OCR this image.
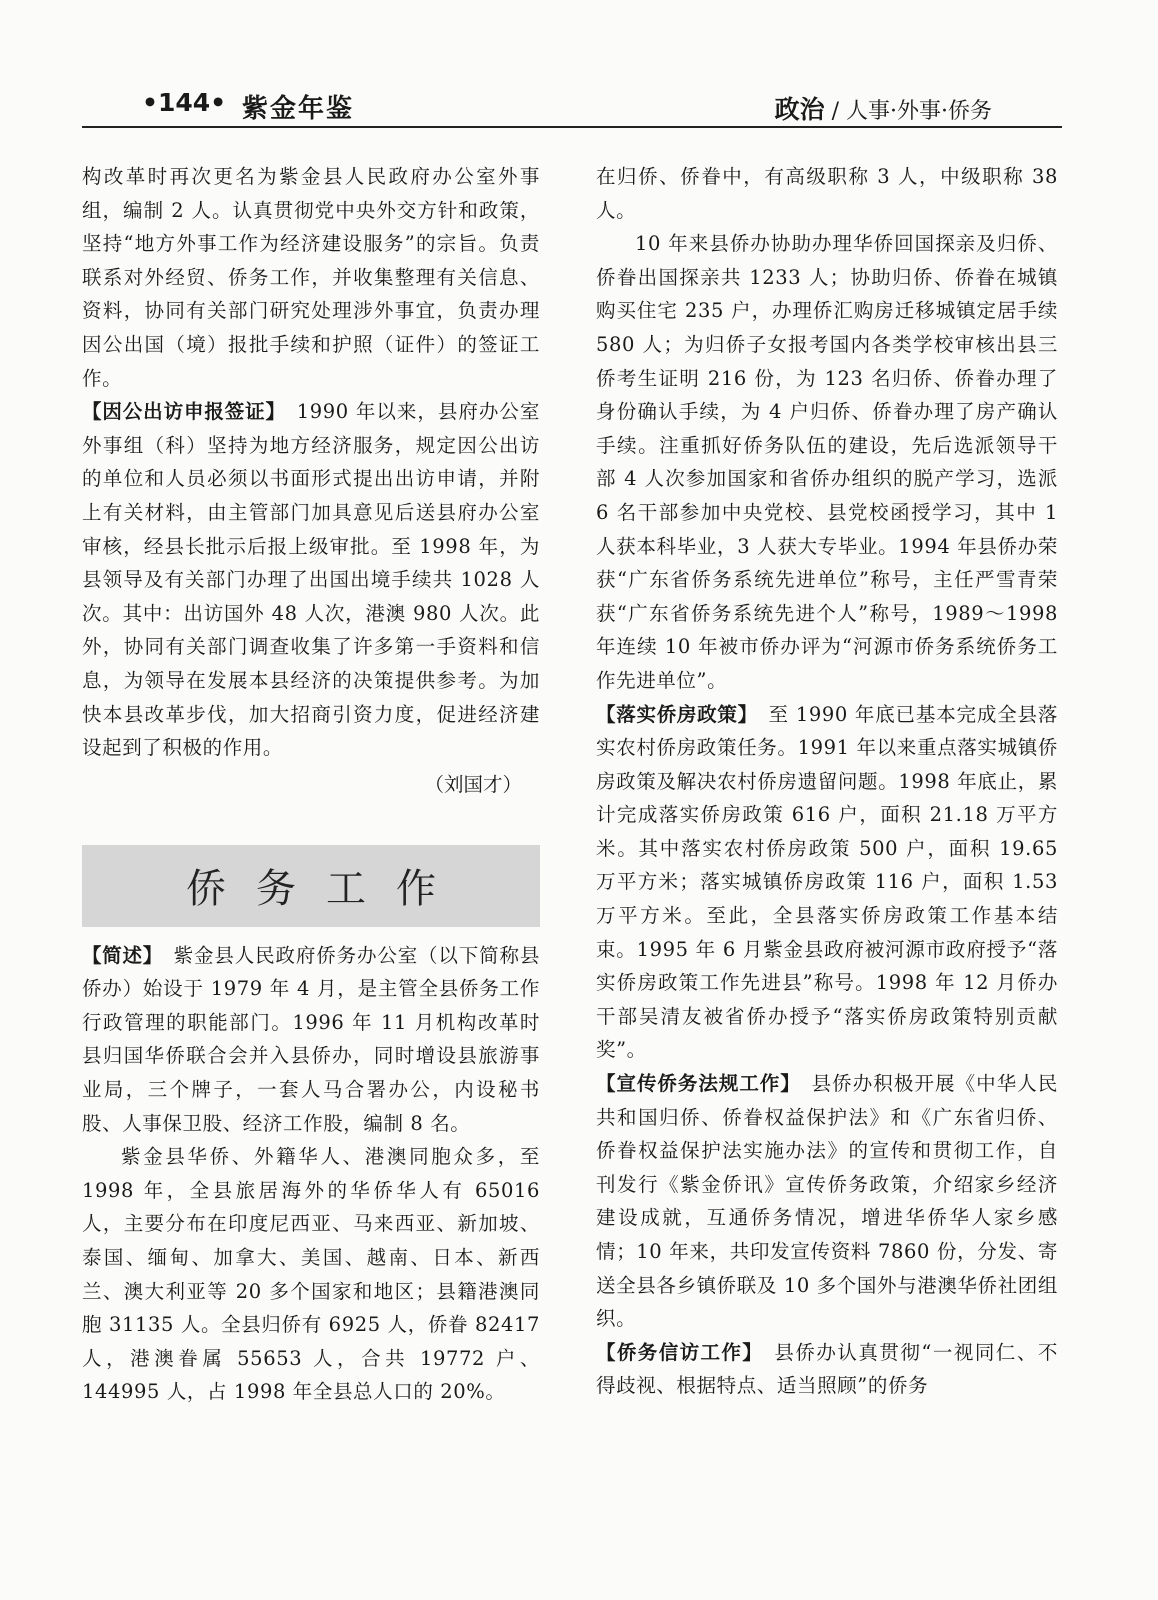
•144• 紫金年鉴	政治 / 人事·外事·侨务

构改革时再次更名为紫金县人民政府办公室外事组，编制 2 人。认真贯彻党中央外交方针和政策，坚持“地方外事工作为经济建设服务”的宗旨。负责联系对外经贸、侨务工作，并收集整理有关信息、资料，协同有关部门研究处理涉外事宜，负责办理因公出国（境）报批手续和护照（证件）的签证工作。

【因公出访申报签证】　1990 年以来，县府办公室外事组（科）坚持为地方经济服务，规定因公出访的单位和人员必须以书面形式提出出访申请，并附上有关材料，由主管部门加具意见后送县府办公室审核，经县长批示后报上级审批。至 1998 年，为县领导及有关部门办理了出国出境手续共 1028 人次。其中：出访国外 48 人次，港澳 980 人次。此外，协同有关部门调查收集了许多第一手资料和信息，为领导在发展本县经济的决策提供参考。为加快本县改革步伐，加大招商引资力度，促进经济建设起到了积极的作用。

（刘国才）
侨务工作

【简述】　紫金县人民政府侨务办公室（以下简称县侨办）始设于 1979 年 4 月，是主管全县侨务工作行政管理的职能部门。1996 年 11 月机构改革时县归国华侨联合会并入县侨办，同时增设县旅游事业局，三个牌子，一套人马合署办公，内设秘书股、人事保卫股、经济工作股，编制 8 名。

紫金县华侨、外籍华人、港澳同胞众多，至 1998 年，全县旅居海外的华侨华人有 65016 人，主要分布在印度尼西亚、马来西亚、新加坡、泰国、缅甸、加拿大、美国、越南、日本、新西兰、澳大利亚等 20 多个国家和地区；县籍港澳同胞 31135 人。全县归侨有 6925 人，侨眷 82417 人，港澳眷属 55653 人，合共 19772 户、144995 人，占 1998 年全县总人口的 20%。

在归侨、侨眷中，有高级职称 3 人，中级职称 38 人。

10 年来县侨办协助办理华侨回国探亲及归侨、侨眷出国探亲共 1233 人；协助归侨、侨眷在城镇购买住宅 235 户，办理侨汇购房迁移城镇定居手续 580 人；为归侨子女报考国内各类学校审核出县三侨考生证明 216 份，为 123 名归侨、侨眷办理了身份确认手续，为 4 户归侨、侨眷办理了房产确认手续。注重抓好侨务队伍的建设，先后选派领导干部 4 人次参加国家和省侨办组织的脱产学习，选派 6 名干部参加中央党校、县党校函授学习，其中 1 人获本科毕业，3 人获大专毕业。1994 年县侨办荣获“广东省侨务系统先进单位”称号，主任严雪青荣获“广东省侨务系统先进个人”称号，1989～1998 年连续 10 年被市侨办评为“河源市侨务系统侨务工作先进单位”。

【落实侨房政策】　至 1990 年底已基本完成全县落实农村侨房政策任务。1991 年以来重点落实城镇侨房政策及解决农村侨房遗留问题。1998 年底止，累计完成落实侨房政策 616 户，面积 21.18 万平方米。其中落实农村侨房政策 500 户，面积 19.65 万平方米；落实城镇侨房政策 116 户，面积 1.53 万平方米。至此，全县落实侨房政策工作基本结束。1995 年 6 月紫金县政府被河源市政府授予“落实侨房政策工作先进县”称号。1998 年 12 月侨办干部吴清友被省侨办授予“落实侨房政策特别贡献奖”。

【宣传侨务法规工作】　县侨办积极开展《中华人民共和国归侨、侨眷权益保护法》和《广东省归侨、侨眷权益保护法实施办法》的宣传和贯彻工作，自刊发行《紫金侨讯》宣传侨务政策，介绍家乡经济建设成就，互通侨务情况，增进华侨华人家乡感情；10 年来，共印发宣传资料 7860 份，分发、寄送全县各乡镇侨联及 10 多个国外与港澳华侨社团组织。

【侨务信访工作】　县侨办认真贯彻“一视同仁、不得歧视、根据特点、适当照顾”的侨务
